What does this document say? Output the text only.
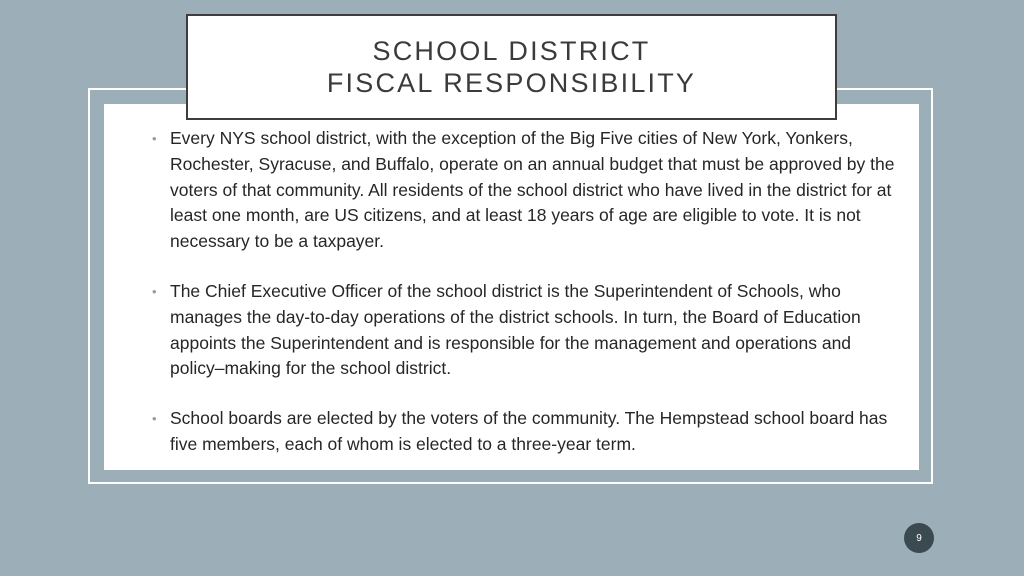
SCHOOL DISTRICT
FISCAL RESPONSIBILITY
• Every NYS school district, with the exception of the Big Five cities of New York, Yonkers, Rochester, Syracuse, and Buffalo, operate on an annual budget that must be approved by the voters of that community. All residents of the school district who have lived in the district for at least one month, are US citizens, and at least 18 years of age are eligible to vote. It is not necessary to be a taxpayer.
• The Chief Executive Officer of the school district is the Superintendent of Schools, who manages the day-to-day operations of the district schools. In turn, the Board of Education appoints the Superintendent and is responsible for the management and operations and policy–making for the school district.
• School boards are elected by the voters of the community. The Hempstead school board has five members, each of whom is elected to a three-year term.
9
